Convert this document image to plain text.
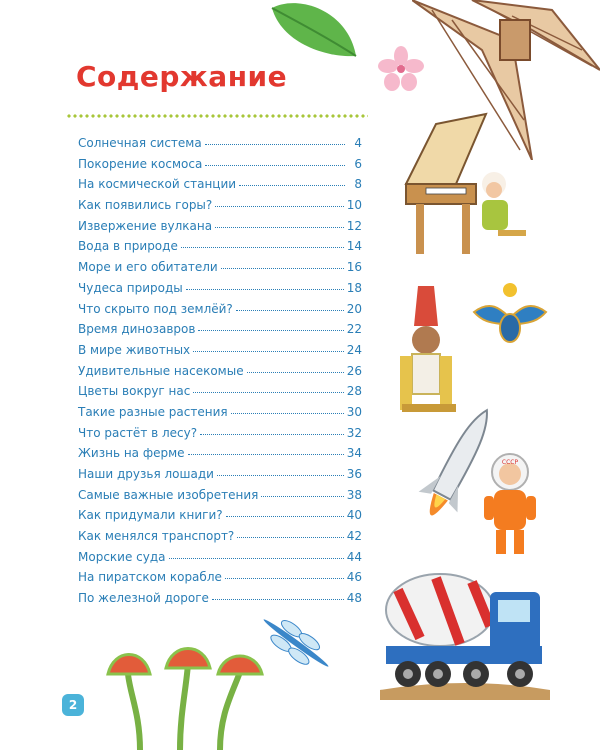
Содержание
Солнечная система	4
Покорение космоса	6
На космической станции	8
Как появились горы?	10
Извержение вулкана	12
Вода в природе	14
Море и его обитатели	16
Чудеса природы	18
Что скрыто под землёй?	20
Время динозавров	22
В мире животных	24
Удивительные насекомые	26
Цветы вокруг нас	28
Такие разные растения	30
Что растёт в лесу?	32
Жизнь на ферме	34
Наши друзья лошади	36
Самые важные изобретения	38
Как придумали книги?	40
Как менялся транспорт?	42
Морские суда	44
На пиратском корабле	46
По железной дороге	48
2
СССР
